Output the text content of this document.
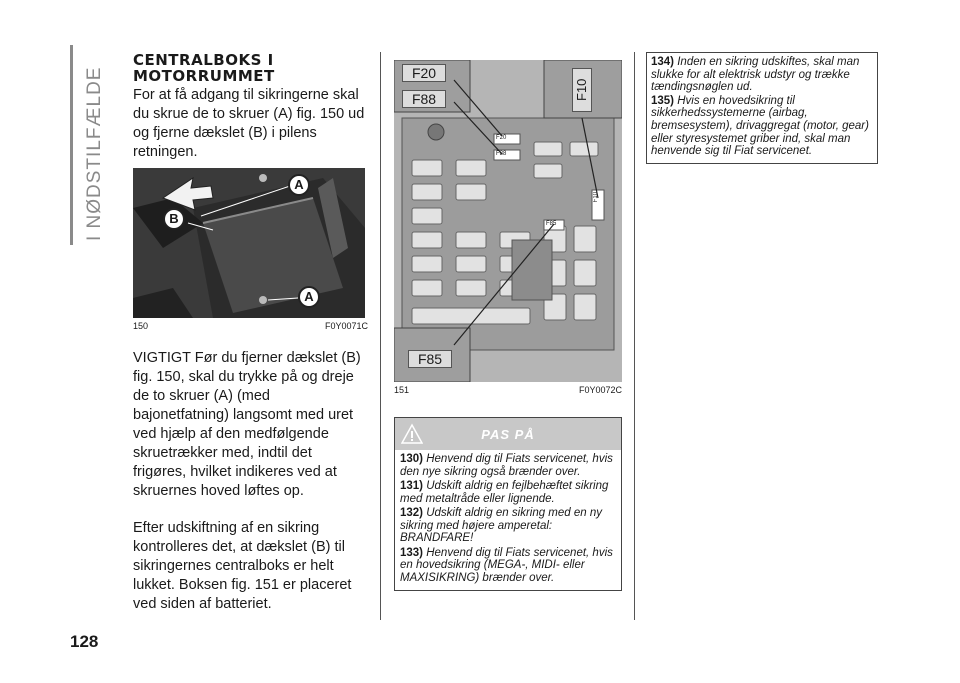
I NØDSTILFÆLDE
CENTRALBOKS I
MOTORRUMMET

For at få adgang til sikringerne skal du skrue de to skruer (A) fig. 150 ud og fjerne dækslet (B) i pilens retningen.

A
B
A
150	F0Y0071C

VIGTIGT Før du fjerner dækslet (B) fig. 150, skal du trykke på og dreje de to skruer (A) (med bajonetfatning) langsomt med uret ved hjælp af den medfølgende skruetrækker med, indtil det frigøres, hvilket indikeres ved at skruernes hoved løftes op.

Efter udskiftning af en sikring kontrolleres det, at dækslet (B) til sikringernes centralboks er helt lukket. Boksen fig. 151 er placeret ved siden af batteriet.

F20
F88	F10
F85
F20
F88
F10
F85
151	F0Y0072C
PAS PÅ

130) Henvend dig til Fiats servicenet, hvis den nye sikring også brænder over.

131) Udskift aldrig en fejlbehæftet sikring med metaltråde eller lignende.

132) Udskift aldrig en sikring med en ny sikring med højere amperetal: BRANDFARE!

133) Henvend dig til Fiats servicenet, hvis en hovedsikring (MEGA-, MIDI- eller MAXISIKRING) brænder over.

134) Inden en sikring udskiftes, skal man slukke for alt elektrisk udstyr og trække tændingsnøglen ud.

135) Hvis en hovedsikring til sikkerhedssystemerne (airbag, bremsesystem), drivaggregat (motor, gear) eller styresystemet griber ind, skal man henvende sig til Fiat servicenet.

128
